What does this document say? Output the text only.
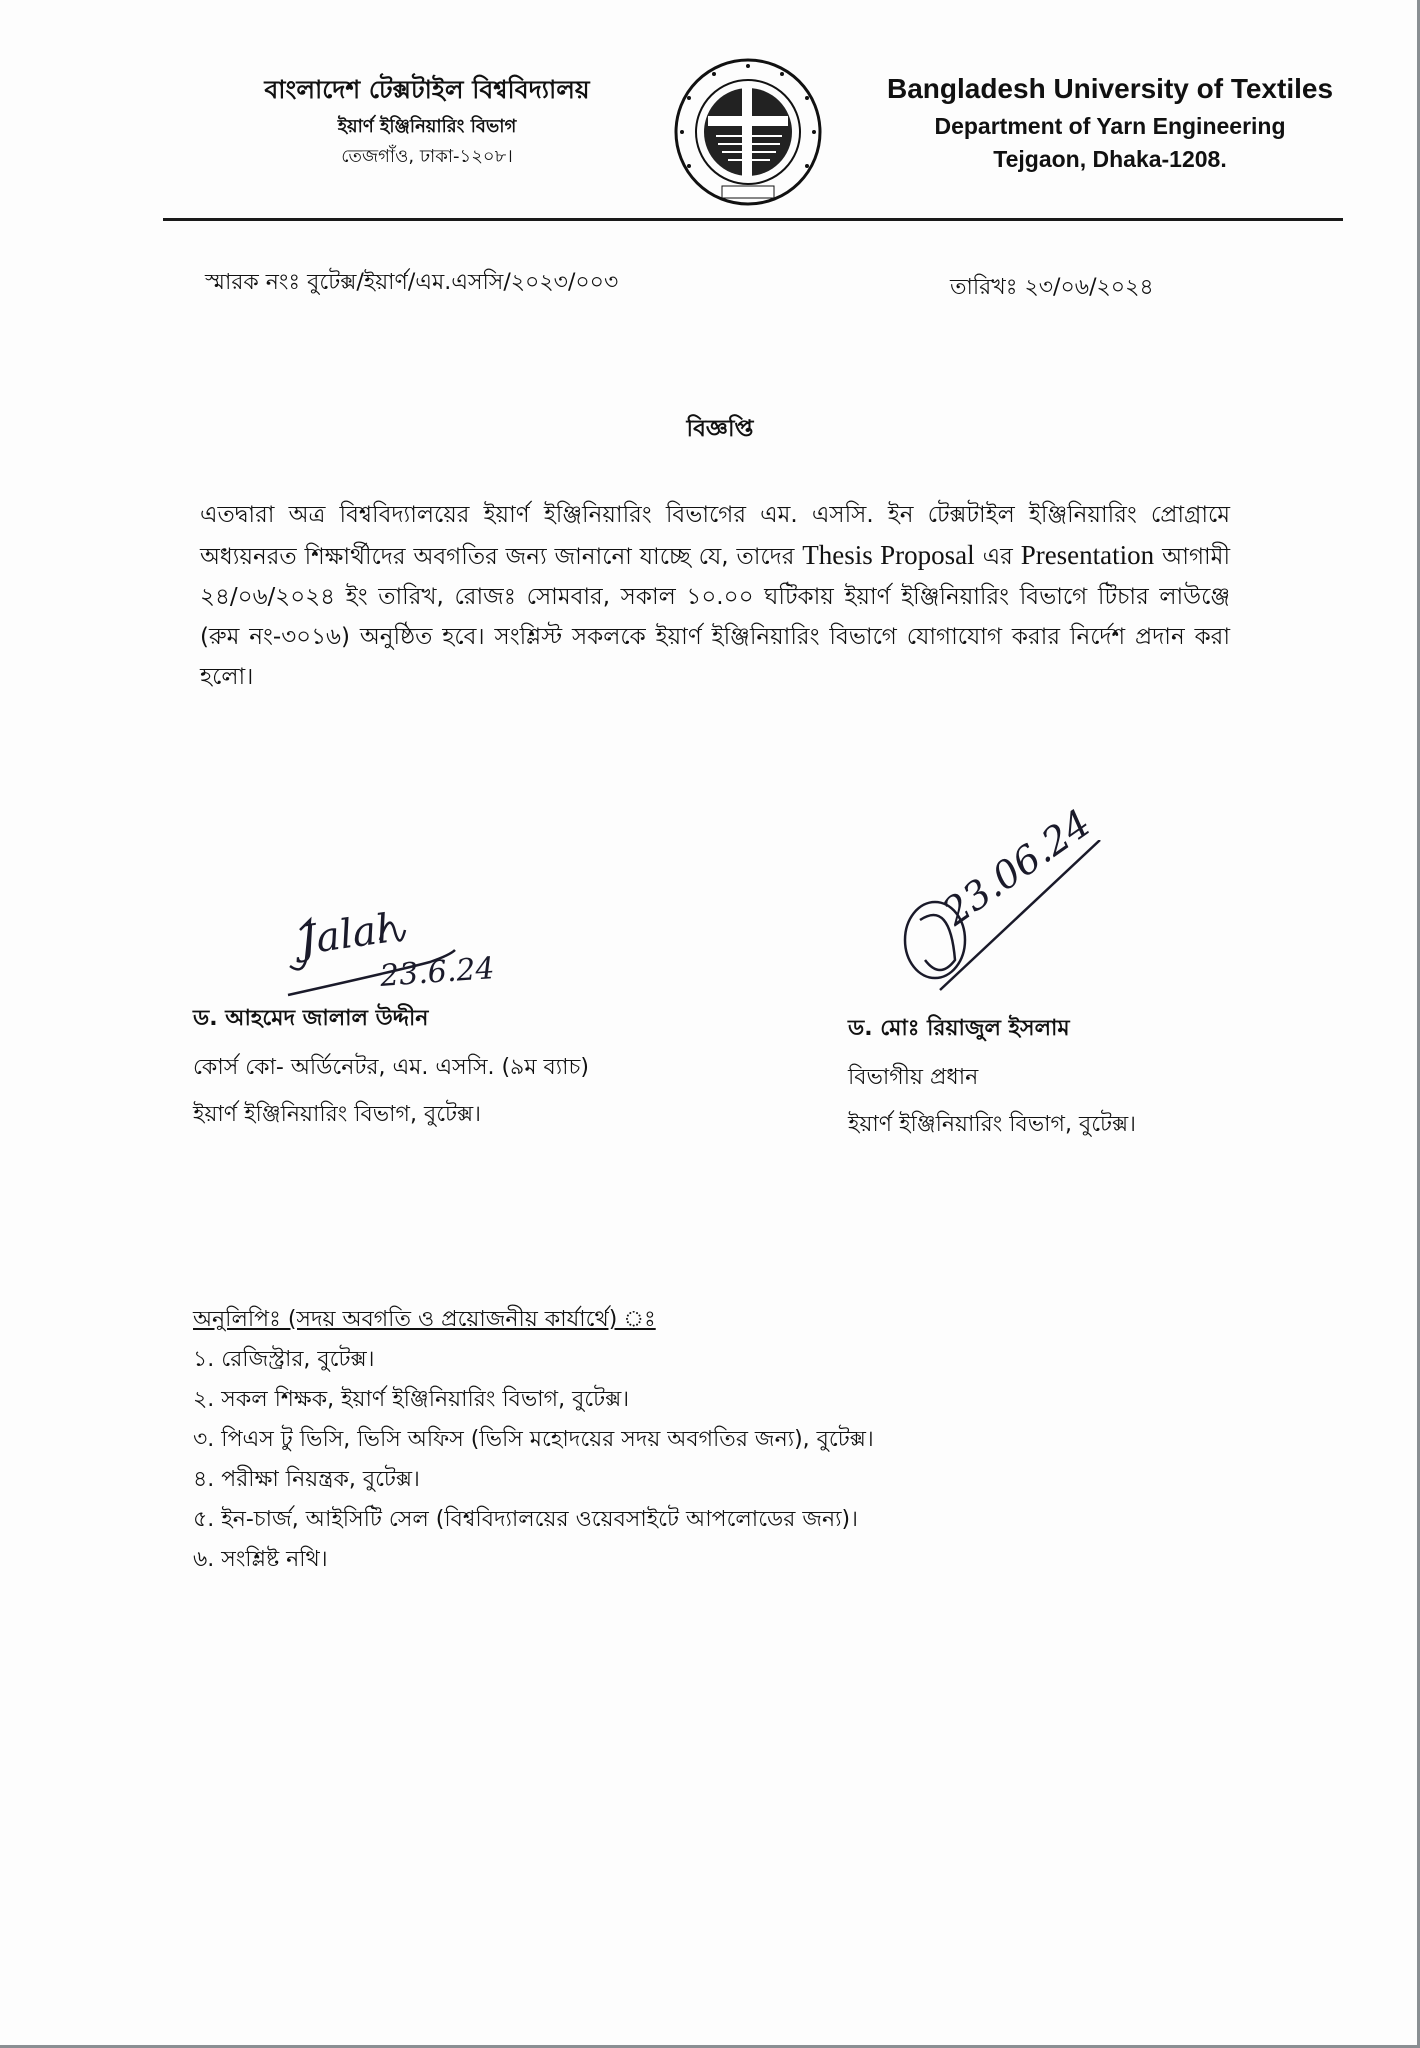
বাংলাদেশ টেক্সটাইল বিশ্ববিদ্যালয়
ইয়ার্ণ ইঞ্জিনিয়ারিং বিভাগ
তেজগাঁও, ঢাকা-১২০৮।
Bangladesh University of Textiles
Department of Yarn Engineering
Tejgaon, Dhaka-1208.
স্মারক নংঃ বুটেক্স/ইয়ার্ণ/এম.এসসি/২০২৩/০০৩	তারিখঃ ২৩/০৬/২০২৪
বিজ্ঞপ্তি
এতদ্বারা অত্র বিশ্ববিদ্যালয়ের ইয়ার্ণ ইঞ্জিনিয়ারিং বিভাগের এম. এসসি. ইন টেক্সটাইল ইঞ্জিনিয়ারিং প্রোগ্রামে অধ্যয়নরত শিক্ষার্থীদের অবগতির জন্য জানানো যাচ্ছে যে, তাদের Thesis Proposal এর Presentation আগামী ২৪/০৬/২০২৪ ইং তারিখ, রোজঃ সোমবার, সকাল ১০.০০ ঘটিকায় ইয়ার্ণ ইঞ্জিনিয়ারিং বিভাগে টিচার লাউঞ্জে (রুম নং-৩০১৬) অনুষ্ঠিত হবে। সংশ্লিস্ট সকলকে ইয়ার্ণ ইঞ্জিনিয়ারিং বিভাগে যোগাযোগ করার নির্দেশ প্রদান করা হলো।
Jalal
23.6.24
ড. আহমেদ জালাল উদ্দীন
কোর্স কো- অর্ডিনেটর, এম. এসসি. (৯ম ব্যাচ)
ইয়ার্ণ ইঞ্জিনিয়ারিং বিভাগ, বুটেক্স।
23.06.24
ড. মোঃ রিয়াজুল ইসলাম
বিভাগীয় প্রধান
ইয়ার্ণ ইঞ্জিনিয়ারিং বিভাগ, বুটেক্স।
অনুলিপিঃ (সদয় অবগতি ও প্রয়োজনীয় কার্যার্থে) ঃ
১. রেজিস্ট্রার, বুটেক্স।
২. সকল শিক্ষক, ইয়ার্ণ ইঞ্জিনিয়ারিং বিভাগ, বুটেক্স।
৩. পিএস টু ভিসি, ভিসি অফিস (ভিসি মহোদয়ের সদয় অবগতির জন্য), বুটেক্স।
৪. পরীক্ষা নিয়ন্ত্রক, বুটেক্স।
৫. ইন-চার্জ, আইসিটি সেল (বিশ্ববিদ্যালয়ের ওয়েবসাইটে আপলোডের জন্য)।
৬. সংশ্লিষ্ট নথি।
